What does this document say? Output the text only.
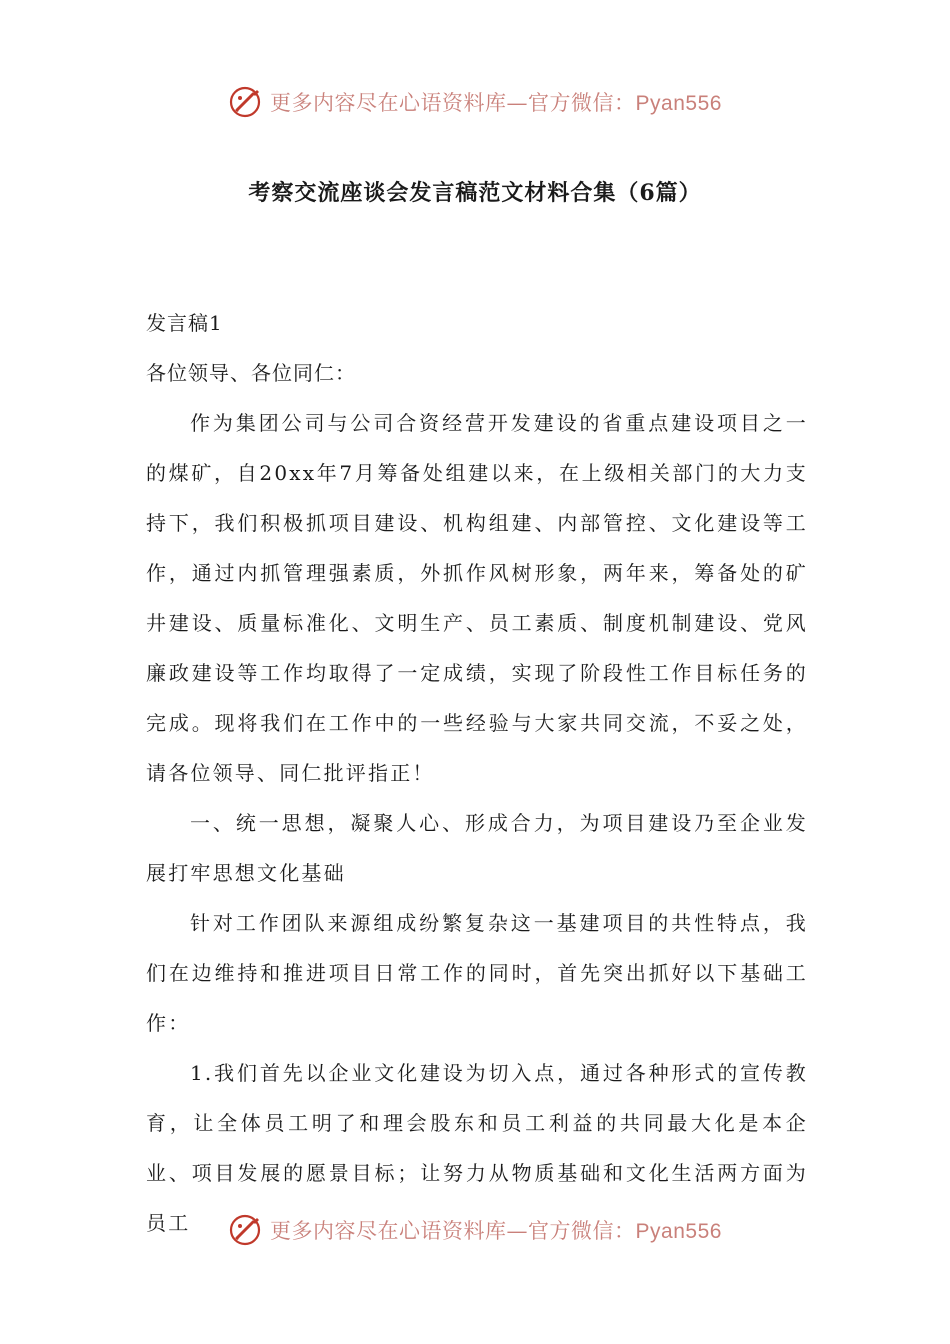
更多内容尽在心语资料库—官方微信：Pyan556
考察交流座谈会发言稿范文材料合集（6篇）

发言稿1

各位领导、各位同仁：

作为集团公司与公司合资经营开发建设的省重点建设项目之一的煤矿，自20xx年7月筹备处组建以来，在上级相关部门的大力支持下，我们积极抓项目建设、机构组建、内部管控、文化建设等工作，通过内抓管理强素质，外抓作风树形象，两年来，筹备处的矿井建设、质量标准化、文明生产、员工素质、制度机制建设、党风廉政建设等工作均取得了一定成绩，实现了阶段性工作目标任务的完成。现将我们在工作中的一些经验与大家共同交流，不妥之处，请各位领导、同仁批评指正！

一、统一思想，凝聚人心、形成合力，为项目建设乃至企业发展打牢思想文化基础

针对工作团队来源组成纷繁复杂这一基建项目的共性特点，我们在边维持和推进项目日常工作的同时，首先突出抓好以下基础工作：

1.我们首先以企业文化建设为切入点，通过各种形式的宣传教育，让全体员工明了和理会股东和员工利益的共同最大化是本企业、项目发展的愿景目标；让努力从物质基础和文化生活两方面为员工	更多内容尽在心语资料库—官方微信：Pyan556
